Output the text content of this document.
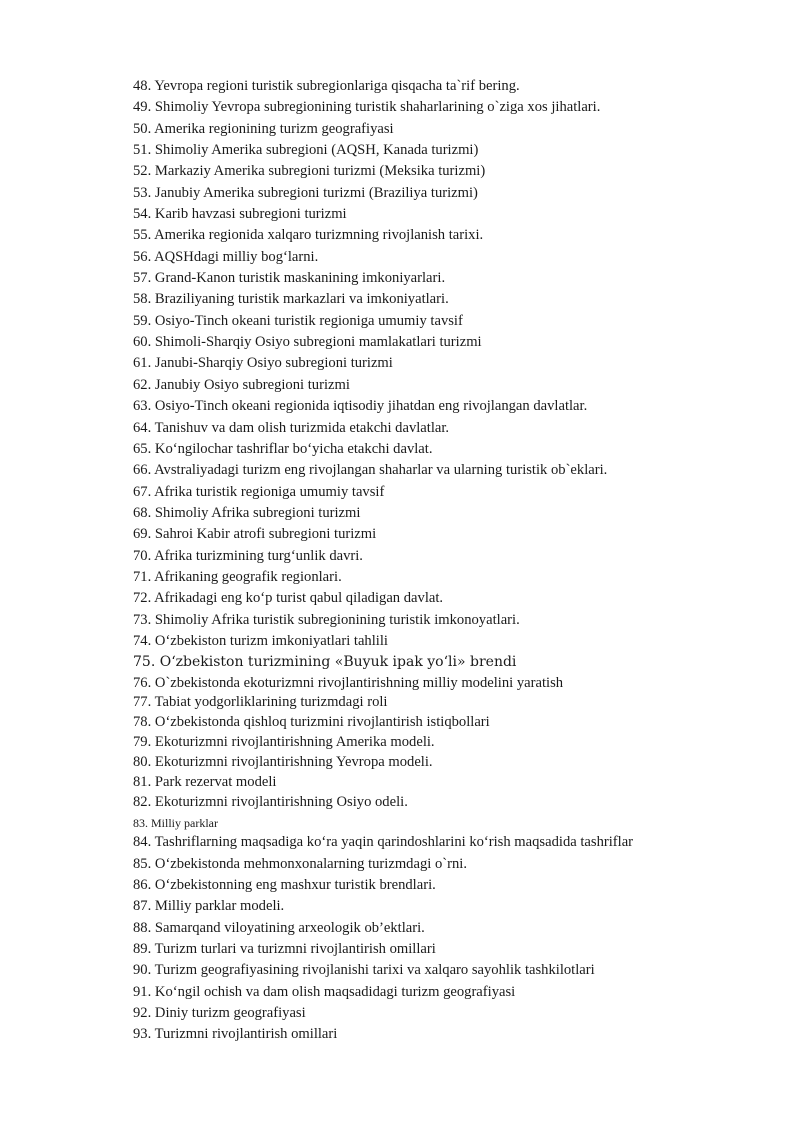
48. Yevropa regioni turistik subregionlariga qisqacha ta`rif bering.
49. Shimoliy Yevropa subregionining turistik shaharlarining o`ziga xos jihatlari.
50. Amerika regionining turizm geografiyasi
51. Shimoliy Amerika subregioni (AQSH, Kanada turizmi)
52. Markaziy Amerika subregioni turizmi (Meksika turizmi)
53. Janubiy Amerika subregioni turizmi (Braziliya turizmi)
54. Karib havzasi subregioni turizmi
55. Amerika regionida xalqaro turizmning rivojlanish tarixi.
56. AQSHdagi milliy bog‘larni.
57. Grand-Kanon turistik maskanining imkoniyarlari.
58. Braziliyaning turistik markazlari va imkoniyatlari.
59. Osiyo-Tinch okeani turistik regioniga umumiy tavsif
60. Shimoli-Sharqiy Osiyo subregioni mamlakatlari turizmi
61. Janubi-Sharqiy Osiyo subregioni turizmi
62. Janubiy Osiyo subregioni turizmi
63. Osiyo-Tinch okeani regionida iqtisodiy jihatdan eng rivojlangan davlatlar.
64. Tanishuv va dam olish turizmida etakchi davlatlar.
65. Ko‘ngilochar tashriflar bo‘yicha etakchi davlat.
66. Avstraliyadagi turizm eng rivojlangan shaharlar va ularning turistik ob`eklari.
67. Afrika turistik regioniga umumiy tavsif
68. Shimoliy Afrika subregioni turizmi
69. Sahroi Kabir atrofi subregioni turizmi
70. Afrika turizmining turg‘unlik davri.
71. Afrikaning geografik regionlari.
72. Afrikadagi eng ko‘p turist qabul qiladigan davlat.
73. Shimoliy Afrika turistik subregionining turistik imkonoyatlari.
74. O‘zbekiston turizm imkoniyatlari tahlili
75. O‘zbekiston turizmining «Buyuk ipak yo‘li» brendi
76. O`zbekistonda ekoturizmni rivojlantirishning milliy modelini yaratish
77. Tabiat yodgorliklarining turizmdagi roli
78. O‘zbekistonda qishloq turizmini rivojlantirish istiqbollari
79. Ekoturizmni rivojlantirishning Amerika modeli.
80. Ekoturizmni rivojlantirishning Yevropa modeli.
81. Park rezervat modeli
82. Ekoturizmni rivojlantirishning Osiyo odeli.
83. Milliy parklar
84. Tashriflarning maqsadiga ko‘ra yaqin qarindoshlarini ko‘rish maqsadida tashriflar
85. O‘zbekistonda mehmonxonalarning turizmdagi o`rni.
86. O‘zbekistonning eng mashxur turistik brendlari.
87. Milliy parklar modeli.
88. Samarqand viloyatining arxeologik ob’ektlari.
89. Turizm turlari va turizmni rivojlantirish omillari
90. Turizm geografiyasining rivojlanishi tarixi va xalqaro sayohlik tashkilotlari
91. Ko‘ngil ochish va dam olish maqsadidagi turizm geografiyasi
92. Diniy turizm geografiyasi
93. Turizmni rivojlantirish omillari
